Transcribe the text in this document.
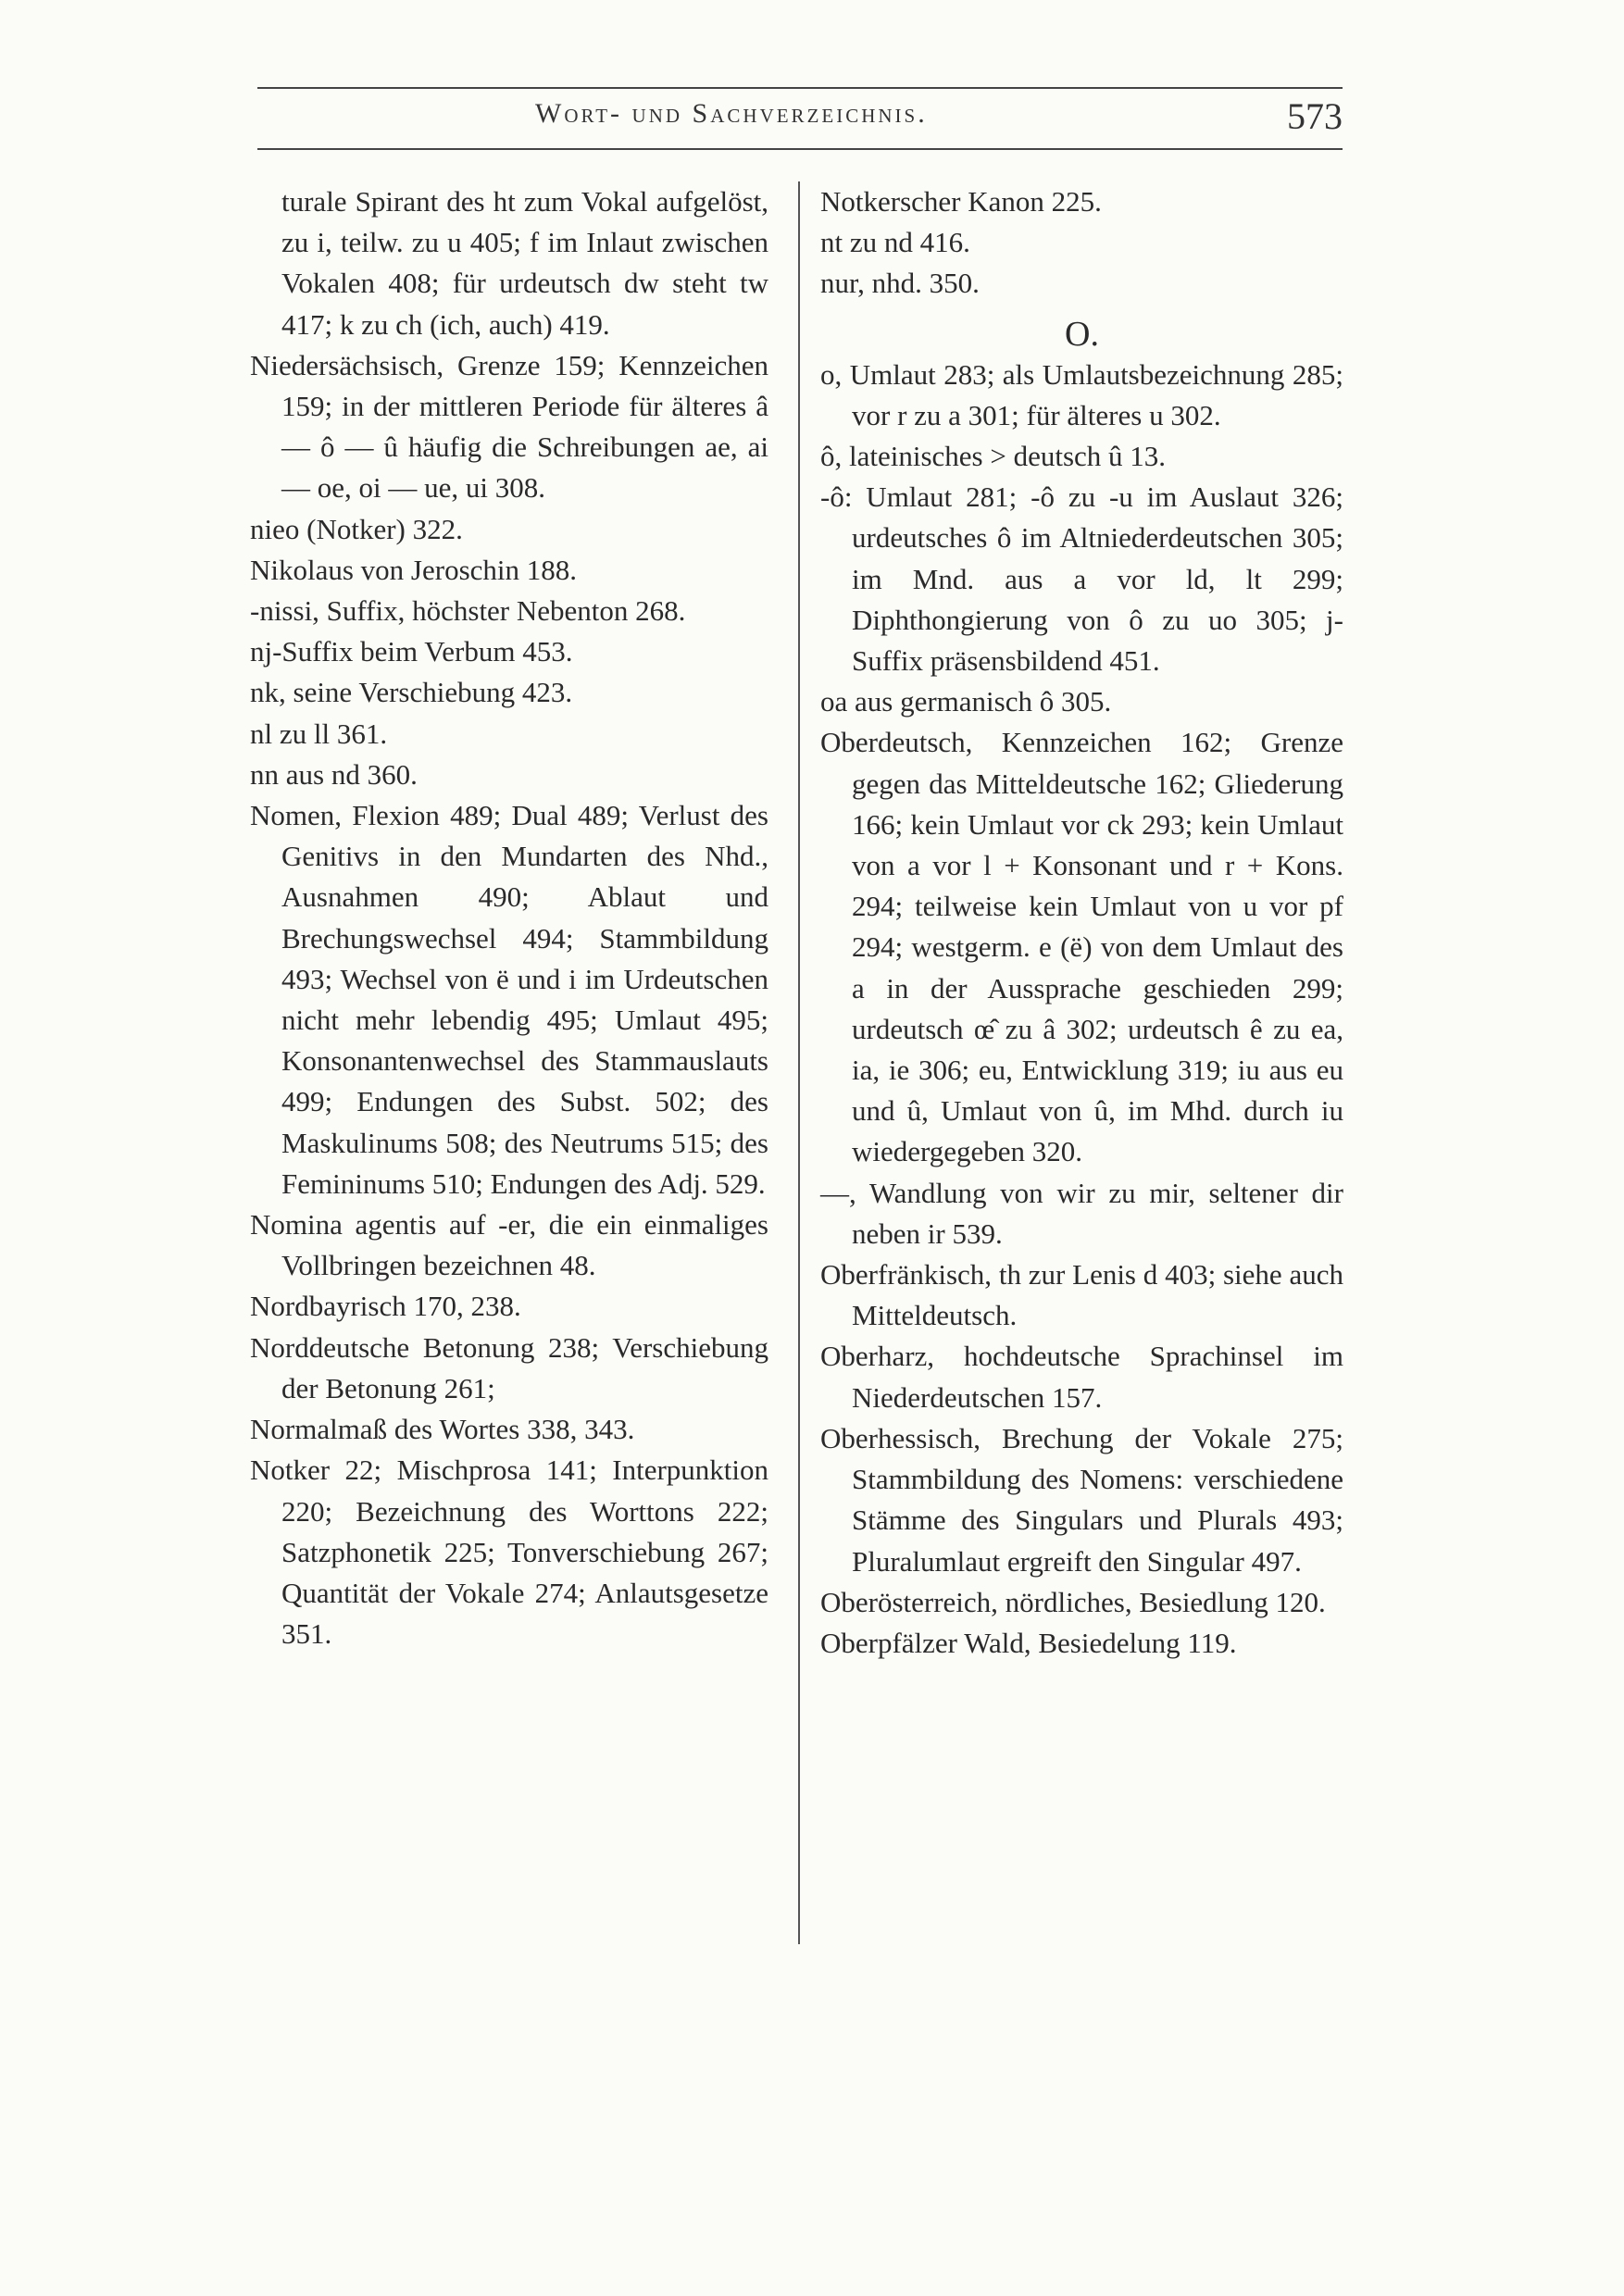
Wort- und Sachverzeichnis.	573

turale Spirant des ht zum Vokal aufgelöst, zu i, teilw. zu u 405; f im Inlaut zwischen Vokalen 408; für urdeutsch dw steht tw 417; k zu ch (ich, auch) 419.

Niedersächsisch, Grenze 159; Kennzeichen 159; in der mittleren Periode für älteres â — ô — û häufig die Schreibungen ae, ai — oe, oi — ue, ui 308.

nieo (Notker) 322.

Nikolaus von Jeroschin 188.

-nissi, Suffix, höchster Nebenton 268.

nj-Suffix beim Verbum 453.

nk, seine Verschiebung 423.

nl zu ll 361.

nn aus nd 360.

Nomen, Flexion 489; Dual 489; Verlust des Genitivs in den Mundarten des Nhd., Ausnahmen 490; Ablaut und Brechungswechsel 494; Stammbildung 493; Wechsel von ë und i im Urdeutschen nicht mehr lebendig 495; Umlaut 495; Konsonantenwechsel des Stammauslauts 499; Endungen des Subst. 502; des Maskulinums 508; des Neutrums 515; des Femininums 510; Endungen des Adj. 529.

Nomina agentis auf -er, die ein einmaliges Vollbringen bezeichnen 48.

Nordbayrisch 170, 238.

Norddeutsche Betonung 238; Verschiebung der Betonung 261;

Normalmaß des Wortes 338, 343.

Notker 22; Mischprosa 141; Interpunktion 220; Bezeichnung des Worttons 222; Satzphonetik 225; Tonverschiebung 267; Quantität der Vokale 274; Anlautsgesetze 351.

Notkerscher Kanon 225.

nt zu nd 416.

nur, nhd. 350.

O.

o, Umlaut 283; als Umlautsbezeichnung 285; vor r zu a 301; für älteres u 302.

ô, lateinisches > deutsch û 13.

-ô: Umlaut 281; -ô zu -u im Auslaut 326; urdeutsches ô im Altniederdeutschen 305; im Mnd. aus a vor ld, lt 299; Diphthongierung von ô zu uo 305; j-Suffix präsensbildend 451.

oa aus germanisch ô 305.

Oberdeutsch, Kennzeichen 162; Grenze gegen das Mitteldeutsche 162; Gliederung 166; kein Umlaut vor ck 293; kein Umlaut von a vor l + Konsonant und r + Kons. 294; teilweise kein Umlaut von u vor pf 294; westgerm. e (ë) von dem Umlaut des a in der Aussprache geschieden 299; urdeutsch œ̂ zu â 302; urdeutsch ê zu ea, ia, ie 306; eu, Entwicklung 319; iu aus eu und û, Umlaut von û, im Mhd. durch iu wiedergegeben 320.

—, Wandlung von wir zu mir, seltener dir neben ir 539.

Oberfränkisch, th zur Lenis d 403; siehe auch Mitteldeutsch.

Oberharz, hochdeutsche Sprachinsel im Niederdeutschen 157.

Oberhessisch, Brechung der Vokale 275; Stammbildung des Nomens: verschiedene Stämme des Singulars und Plurals 493; Pluralumlaut ergreift den Singular 497.

Oberösterreich, nördliches, Besiedlung 120.

Oberpfälzer Wald, Besiedelung 119.
